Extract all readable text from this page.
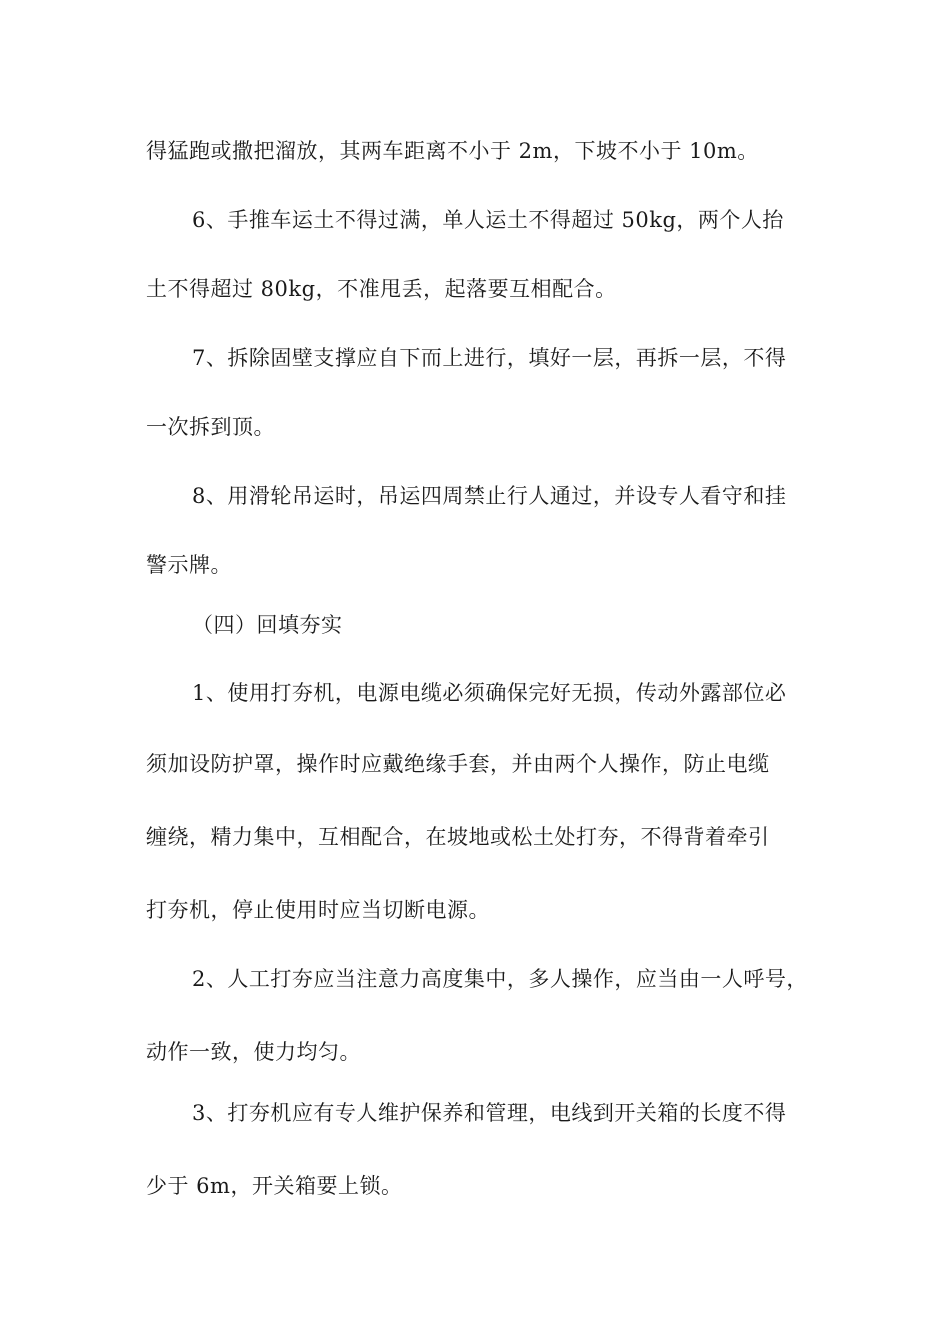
得猛跑或撒把溜放，其两车距离不小于 2m，下坡不小于 10m。
6、手推车运土不得过满，单人运土不得超过 50kg，两个人抬
土不得超过 80kg，不准甩丢，起落要互相配合。
7、拆除固壁支撑应自下而上进行，填好一层，再拆一层，不得
一次拆到顶。
8、用滑轮吊运时，吊运四周禁止行人通过，并设专人看守和挂
警示牌。
（四）回填夯实
1、使用打夯机，电源电缆必须确保完好无损，传动外露部位必
须加设防护罩，操作时应戴绝缘手套，并由两个人操作，防止电缆
缠绕，精力集中，互相配合，在坡地或松土处打夯，不得背着牵引
打夯机，停止使用时应当切断电源。
2、人工打夯应当注意力高度集中，多人操作，应当由一人呼号，
动作一致，使力均匀。
3、打夯机应有专人维护保养和管理，电线到开关箱的长度不得
少于 6m，开关箱要上锁。
